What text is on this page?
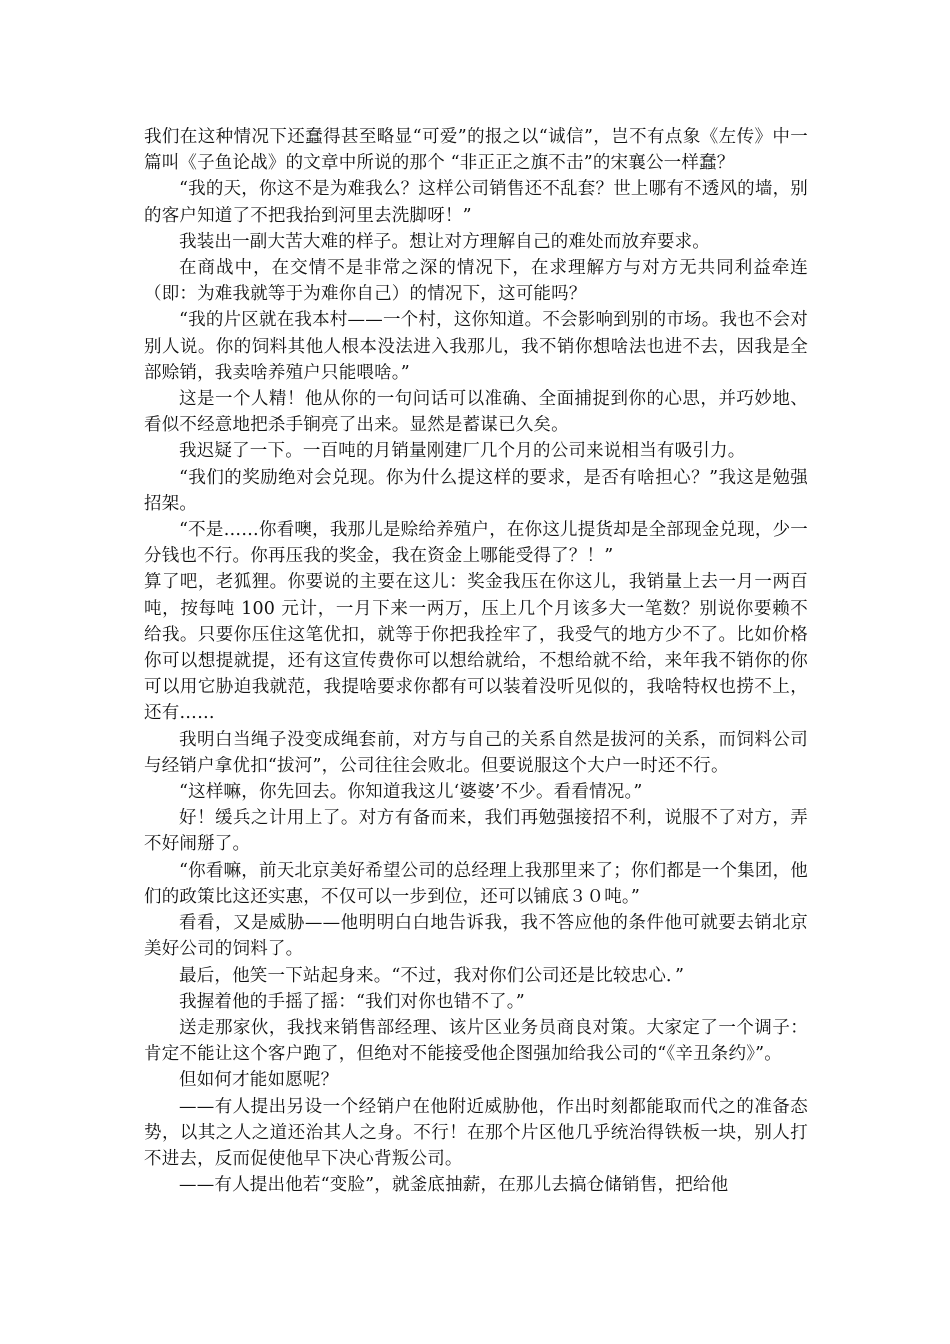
我们在这种情况下还蠢得甚至略显“可爱”的报之以“诚信”，岂不有点象《左传》中一篇叫《子鱼论战》的文章中所说的那个 “非正正之旗不击”的宋襄公一样蠢？

“我的天，你这不是为难我么？这样公司销售还不乱套？世上哪有不透风的墙，别的客户知道了不把我抬到河里去洗脚呀！”

我装出一副大苦大难的样子。想让对方理解自己的难处而放弃要求。

在商战中，在交情不是非常之深的情况下，在求理解方与对方无共同利益牵连（即：为难我就等于为难你自己）的情况下，这可能吗？

“我的片区就在我本村——一个村，这你知道。不会影响到别的市场。我也不会对别人说。你的饲料其他人根本没法进入我那儿，我不销你想啥法也进不去，因我是全部赊销，我卖啥养殖户只能喂啥。”

这是一个人精！他从你的一句问话可以准确、全面捕捉到你的心思，并巧妙地、看似不经意地把杀手锏亮了出来。显然是蓄谋已久矣。

我迟疑了一下。一百吨的月销量刚建厂几个月的公司来说相当有吸引力。

“我们的奖励绝对会兑现。你为什么提这样的要求，是否有啥担心？”我这是勉强招架。

“不是……你看噢，我那儿是赊给养殖户，在你这儿提货却是全部现金兑现，少一分钱也不行。你再压我的奖金，我在资金上哪能受得了？！”

算了吧，老狐狸。你要说的主要在这儿：奖金我压在你这儿，我销量上去一月一两百吨，按每吨 100 元计，一月下来一两万，压上几个月该多大一笔数？别说你要赖不给我。只要你压住这笔优扣，就等于你把我拴牢了，我受气的地方少不了。比如价格你可以想提就提，还有这宣传费你可以想给就给，不想给就不给，来年我不销你的你可以用它胁迫我就范，我提啥要求你都有可以装着没听见似的，我啥特权也捞不上，还有……

我明白当绳子没变成绳套前，对方与自己的关系自然是拔河的关系，而饲料公司与经销户拿优扣“拔河”，公司往往会败北。但要说服这个大户一时还不行。

“这样嘛，你先回去。你知道我这儿‘婆婆’不少。看看情况。”

好！缓兵之计用上了。对方有备而来，我们再勉强接招不利，说服不了对方，弄不好闹掰了。

“你看嘛，前天北京美好希望公司的总经理上我那里来了；你们都是一个集团，他们的政策比这还实惠，不仅可以一步到位，还可以铺底３０吨。”

看看，又是威胁——他明明白白地告诉我，我不答应他的条件他可就要去销北京美好公司的饲料了。

最后，他笑一下站起身来。“不过，我对你们公司还是比较忠心．”

我握着他的手摇了摇：“我们对你也错不了。”

送走那家伙，我找来销售部经理、该片区业务员商良对策。大家定了一个调子：肯定不能让这个客户跑了，但绝对不能接受他企图强加给我公司的“《辛丑条约》”。

但如何才能如愿呢？

——有人提出另设一个经销户在他附近威胁他，作出时刻都能取而代之的准备态势，以其之人之道还治其人之身。不行！在那个片区他几乎统治得铁板一块，别人打不进去，反而促使他早下决心背叛公司。

——有人提出他若“变脸”，就釜底抽薪，在那儿去搞仓储销售，把给他
